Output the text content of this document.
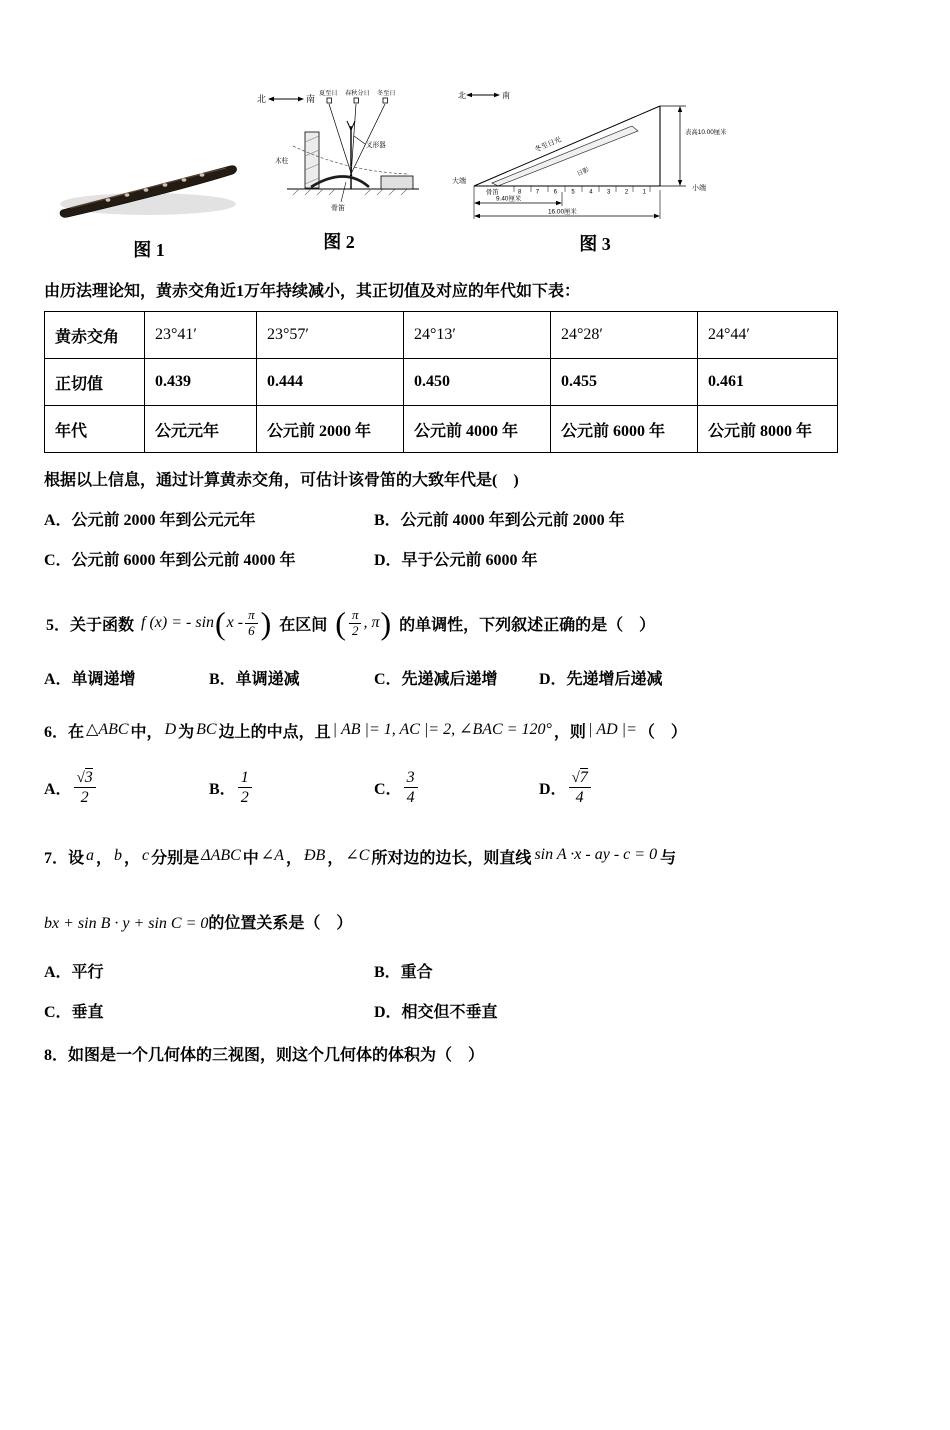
图 1
北	南
夏至日 春秋分日 冬至日
叉形器
木柱
骨笛
图 2
北	南
冬至日光
日影
表高10.00厘米
大端
小端
骨笛	8 7 6 5 4 3 2 1
9.40厘米
16.00厘米
图 3

由历法理论知，黄赤交角近1万年持续减小，其正切值及对应的年代如下表：

黄赤交角	23°41′	23°57′	24°13′	24°28′	24°44′
正切值	0.439	0.444	0.450	0.455	0.461
年代	公元元年	公元前 2000 年	公元前 4000 年	公元前 6000 年	公元前 8000 年

根据以上信息，通过计算黄赤交角，可估计该骨笛的大致年代是(　)

A．公元前 2000 年到公元元年	B．公元前 4000 年到公元前 2000 年
C．公元前 6000 年到公元前 4000 年	D．早于公元前 6000 年
5．关于函数 f (x) = - sin ( x - $\frac{\pi}{6}$ ) 在区间 ( $\frac{\pi}{2}$ , π ) 的单调性，下列叙述正确的是（　）
A．单调递增	B．单调递减	C．先递减后递增	D．先递增后递减

6．在 △ABC 中， D 为 BC 边上的中点，且 | AB |= 1, AC |= 2, ∠BAC = 120° ，则 | AD |= （　）

A． $\frac{√3}{2}$	B． $\frac{1}{2}$	C． $\frac{3}{4}$	D． $\frac{√7}{4}$

7．设 a ， b ， c 分别是 ΔABC 中 ∠A ， ÐB ， ∠C 所对边的边长，则直线 sin A ·x - ay - c = 0 与

bx + sin B · y + sin C = 0的位置关系是（　）

A．平行	B．重合
C．垂直	D．相交但不垂直

8．如图是一个几何体的三视图，则这个几何体的体积为（　）
